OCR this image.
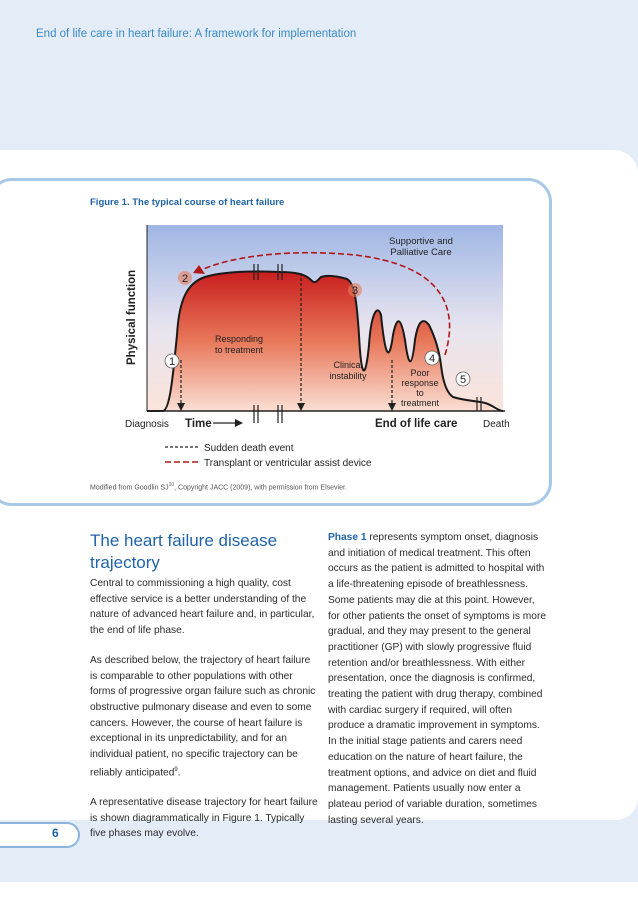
End of life care in heart failure: A framework for implementation
Figure 1. The typical course of heart failure
1
2
3
4
5
Physical function
Supportive and
Palliative Care
Responding
to treatment
Clinical
instability	Poor
response
to
treatment
Diagnosis Time	End of life care	Death
Sudden death event
Transplant or ventricular assist device
Modified from Goodlin SJ$^{10}$, Copyright JACC (2009), with permission from Elsevier.
The heart failure disease trajectory

Central to commissioning a high quality, cost effective service is a better understanding of the nature of advanced heart failure and, in particular, the end of life phase.

As described below, the trajectory of heart failure is comparable to other populations with other forms of progressive organ failure such as chronic obstructive pulmonary disease and even to some cancers. However, the course of heart failure is exceptional in its unpredictability, and for an individual patient, no specific trajectory can be reliably anticipated$^9$.

A representative disease trajectory for heart failure is shown diagrammatically in Figure 1. Typically five phases may evolve.

Phase 1 represents symptom onset, diagnosis and initiation of medical treatment. This often occurs as the patient is admitted to hospital with a life-threatening episode of breathlessness. Some patients may die at this point. However, for other patients the onset of symptoms is more gradual, and they may present to the general practitioner (GP) with slowly progressive fluid retention and/or breathlessness. With either presentation, once the diagnosis is confirmed, treating the patient with drug therapy, combined with cardiac surgery if required, will often produce a dramatic improvement in symptoms. In the initial stage patients and carers need education on the nature of heart failure, the treatment options, and advice on diet and fluid management. Patients usually now enter a plateau period of variable duration, sometimes lasting several years.

6
